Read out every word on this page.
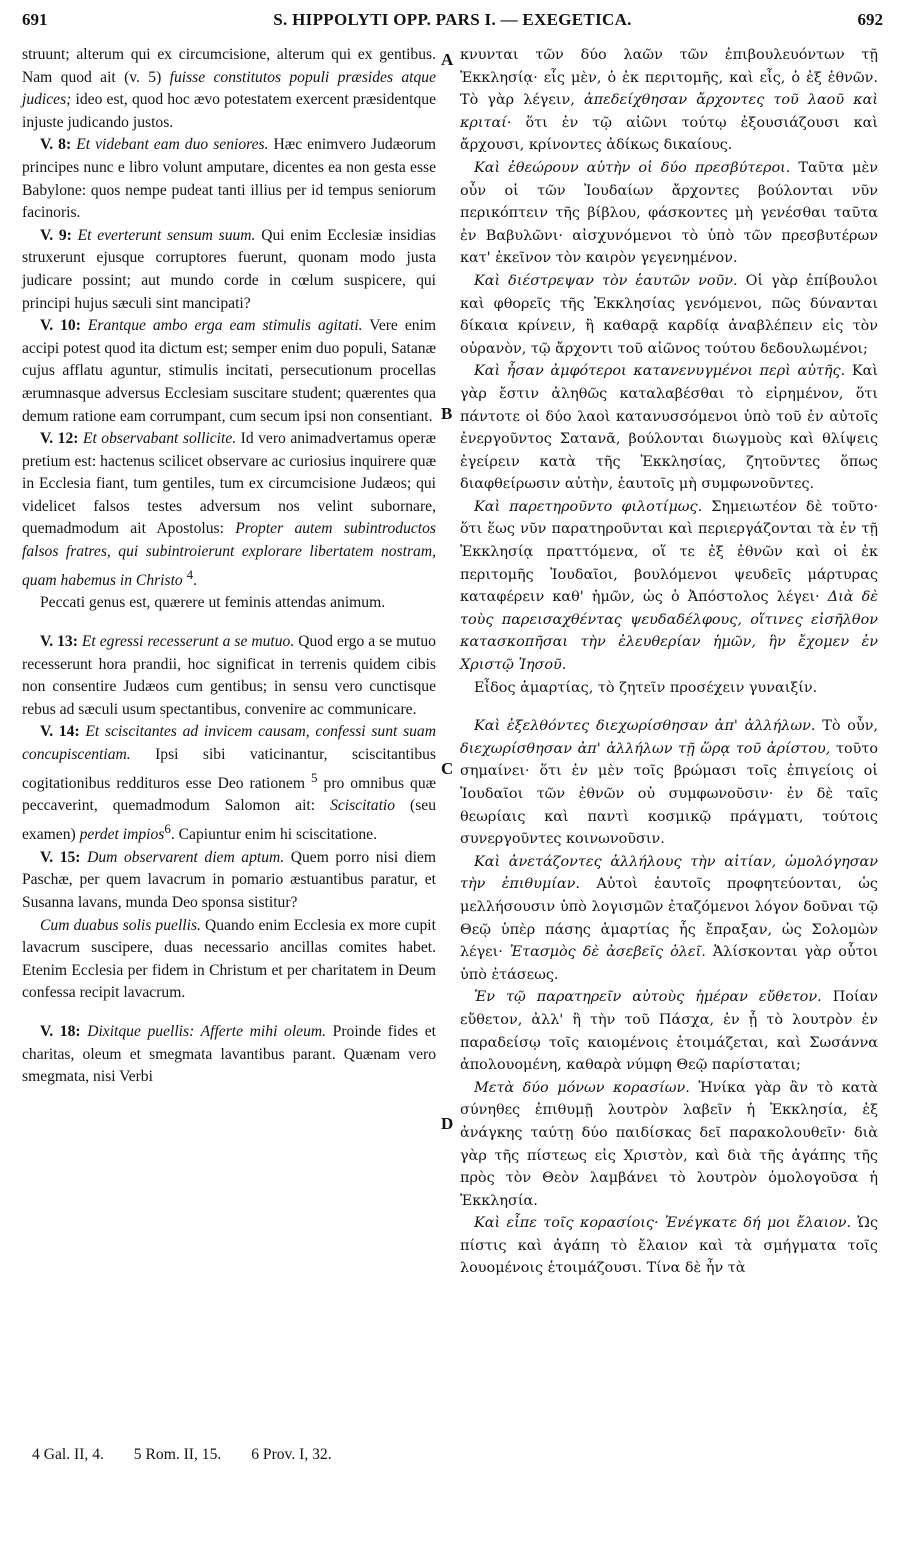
691	S. HIPPOLYTI OPP. PARS I. — EXEGETICA.	692

struunt; alterum qui ex circumcisione, alterum qui ex gentibus. Nam quod ait (v. 5) fuisse constitutos populi præsides atque judices; ideo est, quod hoc ævo potestatem exercent præsidentque injuste judicando justos.

V. 8: Et videbant eam duo seniores. Hæc enimvero Judæorum principes nunc e libro volunt amputare, dicentes ea non gesta esse Babylone: quos nempe pudeat tanti illius per id tempus seniorum facinoris.

V. 9: Et everterunt sensum suum. Qui enim Ecclesiæ insidias struxerunt ejusque corruptores fuerunt, quonam modo justa judicare possint; aut mundo corde in cœlum suspicere, qui principi hujus sæculi sint mancipati?

V. 10: Erantque ambo erga eam stimulis agitati. Vere enim accipi potest quod ita dictum est; semper enim duo populi, Satanæ cujus afflatu aguntur, stimulis incitati, persecutionum procellas ærumnasque adversus Ecclesiam suscitare student; quærentes qua demum ratione eam corrumpant, cum secum ipsi non consentiant.

V. 12: Et observabant sollicite. Id vero animadvertamus operæ pretium est: hactenus scilicet observare ac curiosius inquirere quæ in Ecclesia fiant, tum gentiles, tum ex circumcisione Judæos; qui videlicet falsos testes adversum nos velint subornare, quemadmodum ait Apostolus: Propter autem subintroductos falsos fratres, qui subintroierunt explorare libertatem nostram, quam habemus in Christo $^4$.

Peccati genus est, quærere ut feminis attendas animum.

V. 13: Et egressi recesserunt a se mutuo. Quod ergo a se mutuo recesserunt hora prandii, hoc significat in terrenis quidem cibis non consentire Judæos cum gentibus; in sensu vero cunctisque rebus ad sæculi usum spectantibus, convenire ac communicare.

V. 14: Et sciscitantes ad invicem causam, confessi sunt suam concupiscentiam. Ipsi sibi vaticinantur, sciscitantibus cogitationibus reddituros esse Deo rationem $^5$ pro omnibus quæ peccaverint, quemadmodum Salomon ait: Sciscitatio (seu examen) perdet impios$^6$. Capiuntur enim hi sciscitatione.

V. 15: Dum observarent diem aptum. Quem porro nisi diem Paschæ, per quem lavacrum in pomario æstuantibus paratur, et Susanna lavans, munda Deo sponsa sistitur?

Cum duabus solis puellis. Quando enim Ecclesia ex more cupit lavacrum suscipere, duas necessario ancillas comites habet. Etenim Ecclesia per fidem in Christum et per charitatem in Deum confessa recipit lavacrum.

V. 18: Dixitque puellis: Afferte mihi oleum. Proinde fides et charitas, oleum et smegmata lavantibus parant. Quænam vero smegmata, nisi Verbi

A
B
C
D

κνυνται τῶν δύο λαῶν τῶν ἐπιβουλευόντων τῇ Ἐκκλησίᾳ· εἷς μὲν, ὁ ἐκ περιτομῆς, καὶ εἷς, ὁ ἐξ ἐθνῶν. Τὸ γὰρ λέγειν, ἀπεδείχθησαν ἄρχοντες τοῦ λαοῦ καὶ κριταί· ὅτι ἐν τῷ αἰῶνι τούτῳ ἐξουσιάζουσι καὶ ἄρχουσι, κρίνοντες ἀδίκως δικαίους.

Καὶ ἐθεώρουν αὐτὴν οἱ δύο πρεσβύτεροι. Ταῦτα μὲν οὖν οἱ τῶν Ἰουδαίων ἄρχοντες βούλονται νῦν περικόπτειν τῆς βίβλου, φάσκοντες μὴ γενέσθαι ταῦτα ἐν Βαβυλῶνι· αἰσχυνόμενοι τὸ ὑπὸ τῶν πρεσβυτέρων κατ' ἐκεῖνον τὸν καιρὸν γεγενημένον.

Καὶ διέστρεψαν τὸν ἑαυτῶν νοῦν. Οἱ γὰρ ἐπίβουλοι καὶ φθορεῖς τῆς Ἐκκλησίας γενόμενοι, πῶς δύνανται δίκαια κρίνειν, ἢ καθαρᾷ καρδίᾳ ἀναβλέπειν εἰς τὸν οὐρανὸν, τῷ ἄρχοντι τοῦ αἰῶνος τούτου δεδουλωμένοι;

Καὶ ἦσαν ἀμφότεροι κατανενυγμένοι περὶ αὐτῆς. Καὶ γὰρ ἔστιν ἀληθῶς καταλαβέσθαι τὸ εἰρημένον, ὅτι πάντοτε οἱ δύο λαοὶ κατανυσσόμενοι ὑπὸ τοῦ ἐν αὐτοῖς ἐνεργοῦντος Σατανᾶ, βούλονται διωγμοὺς καὶ θλίψεις ἐγείρειν κατὰ τῆς Ἐκκλησίας, ζητοῦντες ὅπως διαφθείρωσιν αὐτὴν, ἑαυτοῖς μὴ συμφωνοῦντες.

Καὶ παρετηροῦντο φιλοτίμως. Σημειωτέον δὲ τοῦτο· ὅτι ἕως νῦν παρατηροῦνται καὶ περιεργάζονται τὰ ἐν τῇ Ἐκκλησίᾳ πραττόμενα, οἵ τε ἐξ ἐθνῶν καὶ οἱ ἐκ περιτομῆς Ἰουδαῖοι, βουλόμενοι ψευδεῖς μάρτυρας καταφέρειν καθ' ἡμῶν, ὡς ὁ Ἀπόστολος λέγει· Διὰ δὲ τοὺς παρεισαχθέντας ψευδαδέλφους, οἵτινες εἰσῆλθον κατασκοπῆσαι τὴν ἐλευθερίαν ἡμῶν, ἣν ἔχομεν ἐν Χριστῷ Ἰησοῦ.

Εἶδος ἁμαρτίας, τὸ ζητεῖν προσέχειν γυναιξίν.

Καὶ ἐξελθόντες διεχωρίσθησαν ἀπ' ἀλλήλων. Τὸ οὖν, διεχωρίσθησαν ἀπ' ἀλλήλων τῇ ὥρᾳ τοῦ ἀρίστου, τοῦτο σημαίνει· ὅτι ἐν μὲν τοῖς βρώμασι τοῖς ἐπιγείοις οἱ Ἰουδαῖοι τῶν ἐθνῶν οὐ συμφωνοῦσιν· ἐν δὲ ταῖς θεωρίαις καὶ παντὶ κοσμικῷ πράγματι, τούτοις συνεργοῦντες κοινωνοῦσιν.

Καὶ ἀνετάζοντες ἀλλήλους τὴν αἰτίαν, ὡμολόγησαν τὴν ἐπιθυμίαν. Αὐτοὶ ἑαυτοῖς προφητεύονται, ὡς μελλήσουσιν ὑπὸ λογισμῶν ἐταζόμενοι λόγον δοῦναι τῷ Θεῷ ὑπὲρ πάσης ἁμαρτίας ἧς ἔπραξαν, ὡς Σολομὼν λέγει· Ἐτασμὸς δὲ ἀσεβεῖς ὀλεῖ. Ἁλίσκονται γὰρ οὗτοι ὑπὸ ἐτάσεως.

Ἐν τῷ παρατηρεῖν αὐτοὺς ἡμέραν εὔθετον. Ποίαν εὔθετον, ἀλλ' ἢ τὴν τοῦ Πάσχα, ἐν ᾗ τὸ λουτρὸν ἐν παραδείσῳ τοῖς καιομένοις ἑτοιμάζεται, καὶ Σωσάννα ἀπολουομένη, καθαρὰ νύμφη Θεῷ παρίσταται;

Μετὰ δύο μόνων κορασίων. Ἡνίκα γὰρ ἂν τὸ κατὰ σύνηθες ἐπιθυμῇ λουτρὸν λαβεῖν ἡ Ἐκκλησία, ἐξ ἀνάγκης ταύτῃ δύο παιδίσκας δεῖ παρακολουθεῖν· διὰ γὰρ τῆς πίστεως εἰς Χριστὸν, καὶ διὰ τῆς ἀγάπης τῆς πρὸς τὸν Θεὸν λαμβάνει τὸ λουτρὸν ὁμολογοῦσα ἡ Ἐκκλησία.

Καὶ εἶπε τοῖς κορασίοις· Ἐνέγκατε δή μοι ἔλαιον. Ὡς πίστις καὶ ἀγάπη τὸ ἔλαιον καὶ τὰ σμήγματα τοῖς λουομένοις ἑτοιμάζουσι. Τίνα δὲ ἦν τὰ

4 Gal. II, 4. 5 Rom. II, 15. 6 Prov. I, 32.
